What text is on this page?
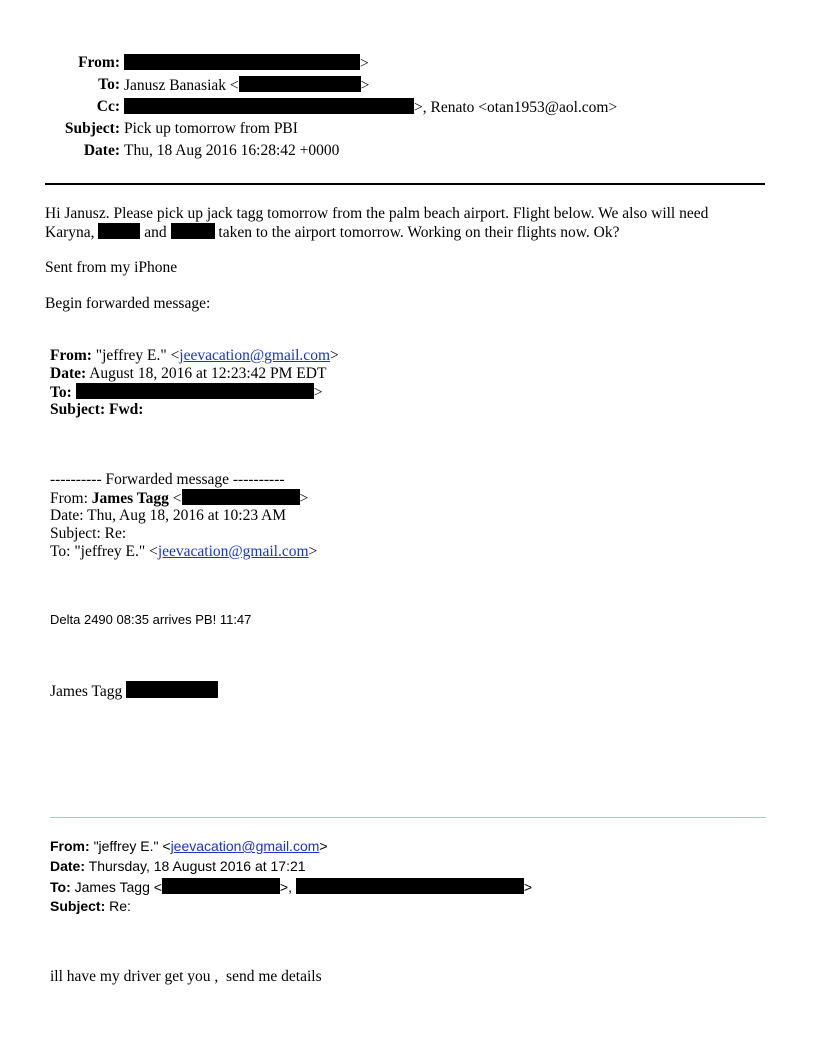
From:	>
To: Janusz Banasiak <	>
Cc:	>, Renato <otan1953@aol.com>
Subject: Pick up tomorrow from PBI
Date: Thu, 18 Aug 2016 16:28:42 +0000
Hi Janusz. Please pick up jack tagg tomorrow from the palm beach airport. Flight below. We also will need
Karyna,	and	taken to the airport tomorrow. Working on their flights now. Ok?
Sent from my iPhone
Begin forwarded message:
From: "jeffrey E." <jeevacation@gmail.com>
Date: August 18, 2016 at 12:23:42 PM EDT
To:	>
Subject: Fwd:
---------- Forwarded message ----------
From: James Tagg <	>
Date: Thu, Aug 18, 2016 at 10:23 AM
Subject: Re:
To: "jeffrey E." <jeevacation@gmail.com>
Delta 2490 08:35 arrives PB! 11:47
James Tagg
From: "jeffrey E." <jeevacation@gmail.com>
Date: Thursday, 18 August 2016 at 17:21
To: James Tagg <	>,	>
Subject: Re:
ill have my driver get you ,  send me details
